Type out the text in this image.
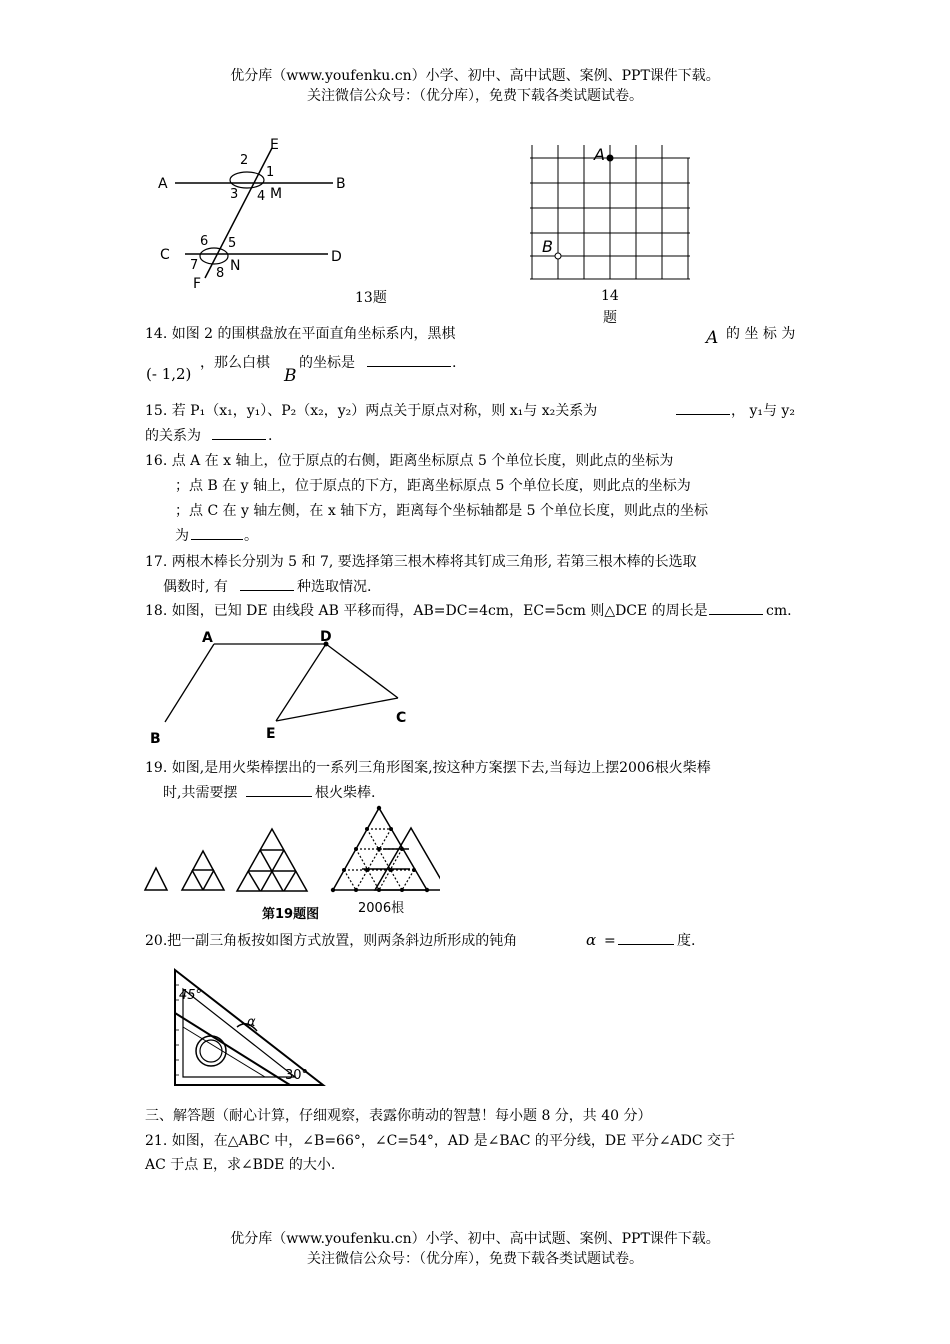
优分库（www.youfenku.cn）小学、初中、高中试题、案例、PPT课件下载。
关注微信公众号：（优分库），免费下载各类试题试卷。
A	B
C	D
E
F
M
N
2
1
3 4
6 5
7
8
13题
A
B
14
题
14. 如图 2 的围棋盘放在平面直角坐标系内，黑棋	A 的 坐 标 为
(- 1,2)
，那么白棋
B
的坐标是	.
15. 若 P₁（x₁，y₁）、P₂（x₂，y₂）两点关于原点对称，则 x₁与 x₂关系为	， y₁与 y₂
的关系为	.
16. 点 A 在 x 轴上，位于原点的右侧，距离坐标原点 5 个单位长度，则此点的坐标为
；点 B 在 y 轴上，位于原点的下方，距离坐标原点 5 个单位长度，则此点的坐标为
；点 C 在 y 轴左侧，在 x 轴下方，距离每个坐标轴都是 5 个单位长度，则此点的坐标
为	。
17. 两根木棒长分别为 5 和 7, 要选择第三根木棒将其钉成三角形, 若第三根木棒的长选取
偶数时, 有	种选取情况.
18. 如图，已知 DE 由线段 AB 平移而得，AB=DC=4cm，EC=5cm 则△DCE 的周长是	cm.
A	D
B	E
C
19. 如图,是用火柴棒摆出的一系列三角形图案,按这种方案摆下去,当每边上摆2006根火柴棒
时,共需要摆	根火柴棒.
第19题图	2006根
20.把一副三角板按如图方式放置，则两条斜边所形成的钝角	α =	度.
45°
α
30°
三、解答题（耐心计算，仔细观察，表露你萌动的智慧！每小题 8 分，共 40 分）
21. 如图，在△ABC 中，∠B=66°，∠C=54°，AD 是∠BAC 的平分线，DE 平分∠ADC 交于
AC 于点 E，求∠BDE 的大小.
优分库（www.youfenku.cn）小学、初中、高中试题、案例、PPT课件下载。
关注微信公众号：（优分库），免费下载各类试题试卷。
